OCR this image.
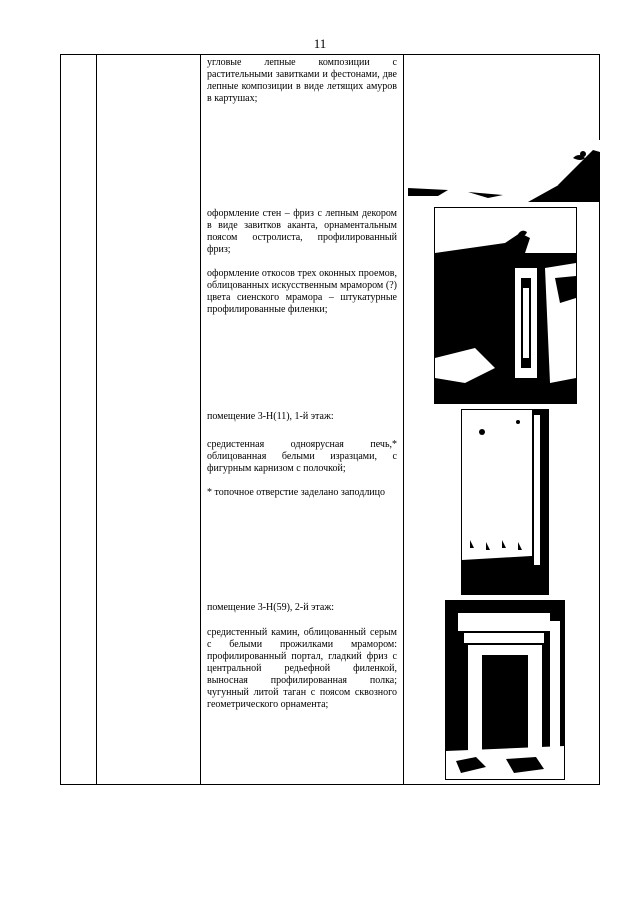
11
угловые лепные композиции с растительными завитками и фестонами, две лепные композиции в виде летящих амуров в картушах;
оформление стен – фриз с лепным декором в виде завитков аканта, орнаментальным поясом остролиста, профилированный фриз;
оформление откосов трех оконных проемов, облицованных искусственным мрамором (?) цвета сиенского мрамора – штукатурные профилированные филенки;
помещение 3-Н(11), 1-й этаж:
средистенная одноярусная печь,* облицованная белыми изразцами, с фигурным карнизом с полочкой;
* топочное отверстие заделано заподлицо
помещение 3-Н(59), 2-й этаж:
средистенный камин, облицованный серым с белыми прожилками мрамором: профилированный портал, гладкий фриз с центральной редьефной филенкой, выносная профилированная полка; чугунный литой таган с поясом сквозного геометрического орнамента;
